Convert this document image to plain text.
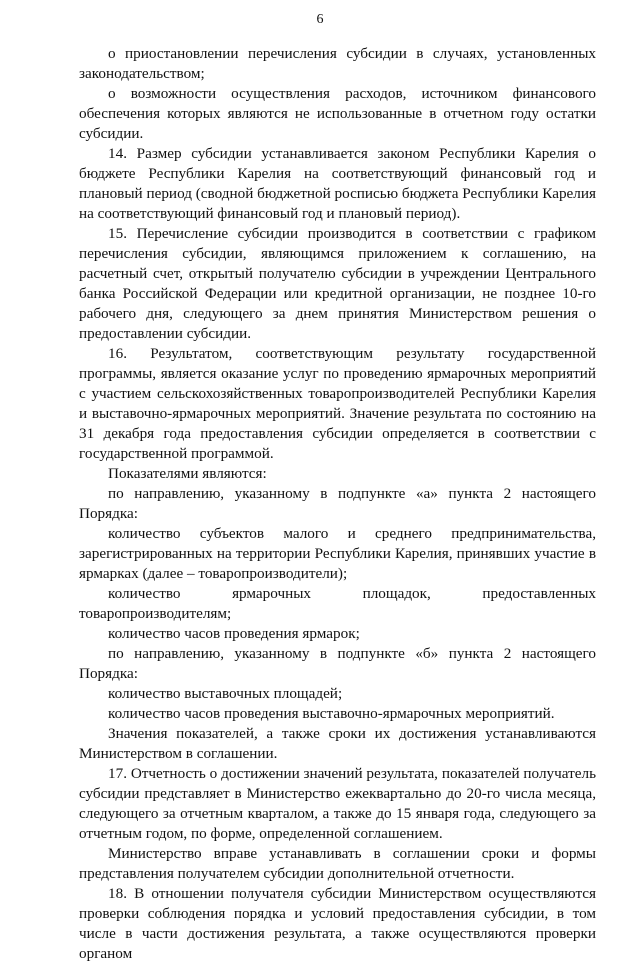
6

о приостановлении перечисления субсидии в случаях, установленных законодательством;

о возможности осуществления расходов, источником финансового обеспечения которых являются не использованные в отчетном году остатки субсидии.

14. Размер субсидии устанавливается законом Республики Карелия о бюджете Республики Карелия на соответствующий финансовый год и плановый период (сводной бюджетной росписью бюджета Республики Карелия на соответствующий финансовый год и плановый период).

15. Перечисление субсидии производится в соответствии с графиком перечисления субсидии, являющимся приложением к соглашению, на расчетный счет, открытый получателю субсидии в учреждении Центрального банка Российской Федерации или кредитной организации, не позднее 10-го рабочего дня, следующего за днем принятия Министерством решения о предоставлении субсидии.

16. Результатом, соответствующим результату государственной программы, является оказание услуг по проведению ярмарочных мероприятий с участием сельскохозяйственных товаропроизводителей Республики Карелия и выставочно-ярмарочных мероприятий. Значение результата по состоянию на 31 декабря года предоставления субсидии определяется в соответствии с государственной программой.

Показателями являются:

по направлению, указанному в подпункте «а» пункта 2 настоящего Порядка:

количество субъектов малого и среднего предпринимательства, зарегистрированных на территории Республики Карелия, принявших участие в ярмарках (далее – товаропроизводители);

количество ярмарочных площадок, предоставленных товаропроизводителям;

количество часов проведения ярмарок;

по направлению, указанному в подпункте «б» пункта 2 настоящего Порядка:

количество выставочных площадей;

количество часов проведения выставочно-ярмарочных мероприятий.

Значения показателей, а также сроки их достижения устанавливаются Министерством в соглашении.

17. Отчетность о достижении значений результата, показателей получатель субсидии представляет в Министерство ежеквартально до 20-го числа месяца, следующего за отчетным кварталом, а также до 15 января года, следующего за отчетным годом, по форме, определенной соглашением.

Министерство вправе устанавливать в соглашении сроки и формы представления получателем субсидии дополнительной отчетности.

18. В отношении получателя субсидии Министерством осуществляются проверки соблюдения порядка и условий предоставления субсидии, в том числе в части достижения результата, а также осуществляются проверки органом
